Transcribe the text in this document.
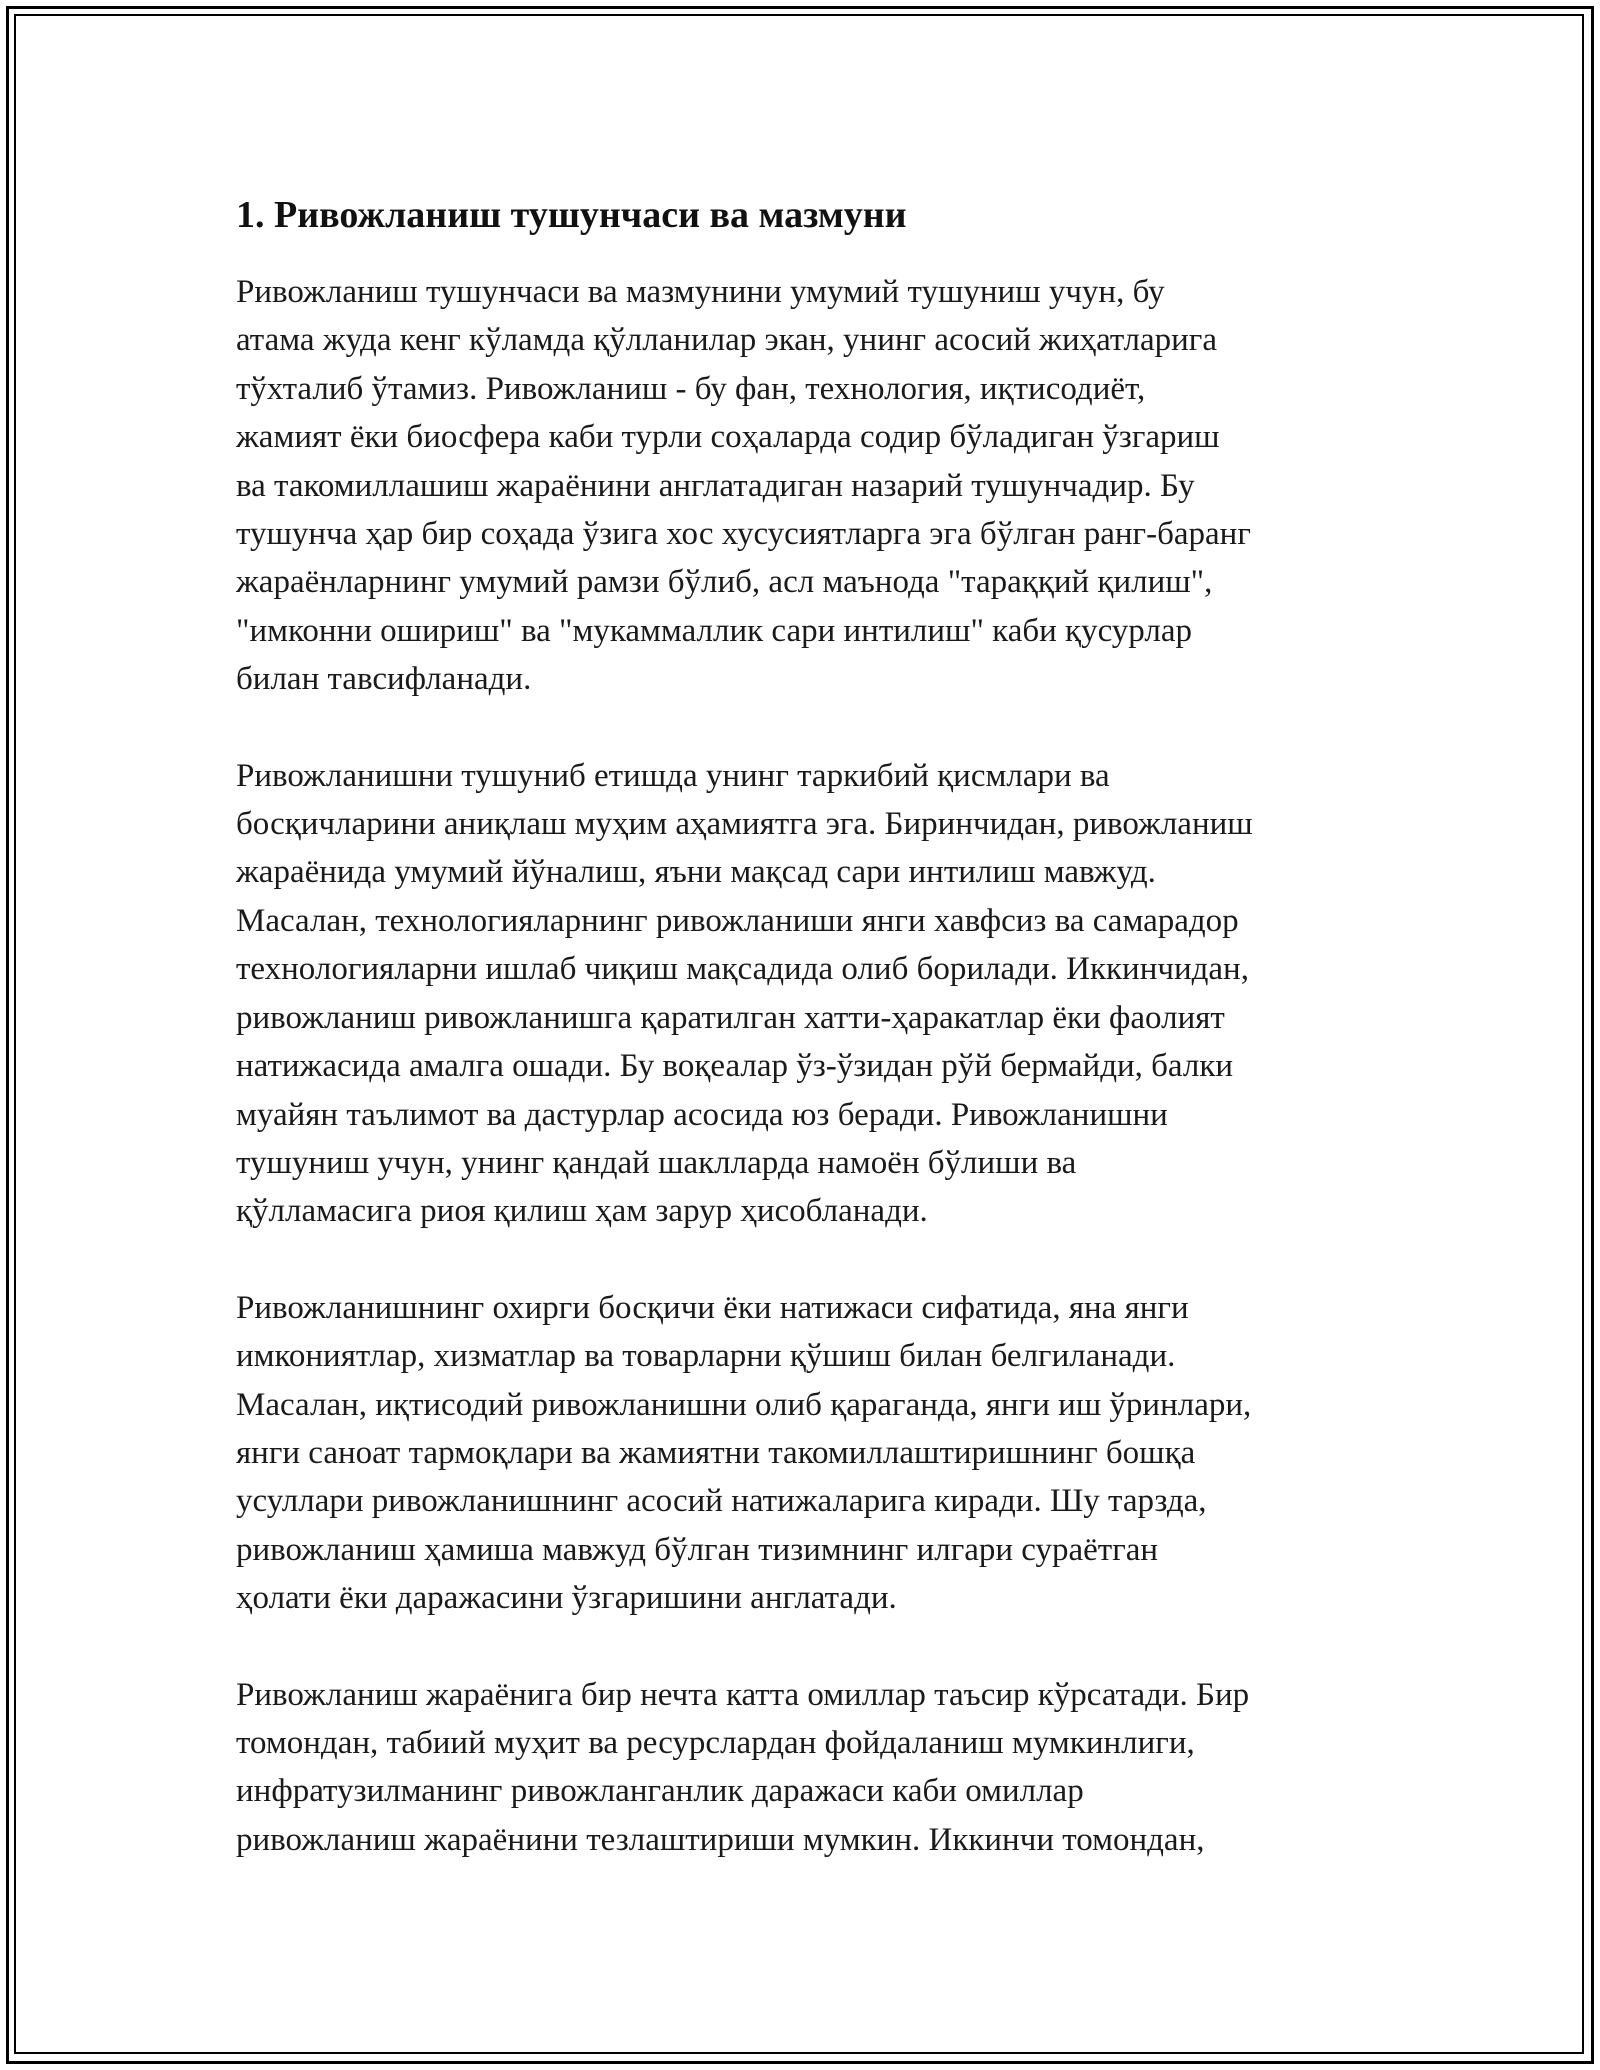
1. Ривожланиш тушунчаси ва мазмуни

Ривожланиш тушунчаси ва мазмунини умумий тушуниш учун, бу
атама жуда кенг кўламда қўлланилар экан, унинг асосий жиҳатларига
тўхталиб ўтамиз. Ривожланиш - бу фан, технология, иқтисодиёт,
жамият ёки биосфера каби турли соҳаларда содир бўладиган ўзгариш
ва такомиллашиш жараёнини англатадиган назарий тушунчадир. Бу
тушунча ҳар бир соҳада ўзига хос хусусиятларга эга бўлган ранг-баранг
жараёнларнинг умумий рамзи бўлиб, асл маънода "тараққий қилиш",
"имконни ошириш" ва "мукаммаллик сари интилиш" каби қусурлар
билан тавсифланади.

Ривожланишни тушуниб етишда унинг таркибий қисмлари ва
босқичларини аниқлаш муҳим аҳамиятга эга. Биринчидан, ривожланиш
жараёнида умумий йўналиш, яъни мақсад сари интилиш мавжуд.
Масалан, технологияларнинг ривожланиши янги хавфсиз ва самарадор
технологияларни ишлаб чиқиш мақсадида олиб борилади. Иккинчидан,
ривожланиш ривожланишга қаратилган хатти-ҳаракатлар ёки фаолият
натижасида амалга ошади. Бу воқеалар ўз-ўзидан рўй бермайди, балки
муайян таълимот ва дастурлар асосида юз беради. Ривожланишни
тушуниш учун, унинг қандай шаклларда намоён бўлиши ва
қўлламасига риоя қилиш ҳам зарур ҳисобланади.

Ривожланишнинг охирги босқичи ёки натижаси сифатида, яна янги
имкониятлар, хизматлар ва товарларни қўшиш билан белгиланади.
Масалан, иқтисодий ривожланишни олиб қараганда, янги иш ўринлари,
янги саноат тармоқлари ва жамиятни такомиллаштиришнинг бошқа
усуллари ривожланишнинг асосий натижаларига киради. Шу тарзда,
ривожланиш ҳамиша мавжуд бўлган тизимнинг илгари сураётган
ҳолати ёки даражасини ўзгаришини англатади.

Ривожланиш жараёнига бир нечта катта омиллар таъсир кўрсатади. Бир
томондан, табиий муҳит ва ресурслардан фойдаланиш мумкинлиги,
инфратузилманинг ривожланганлик даражаси каби омиллар
ривожланиш жараёнини тезлаштириши мумкин. Иккинчи томондан,
